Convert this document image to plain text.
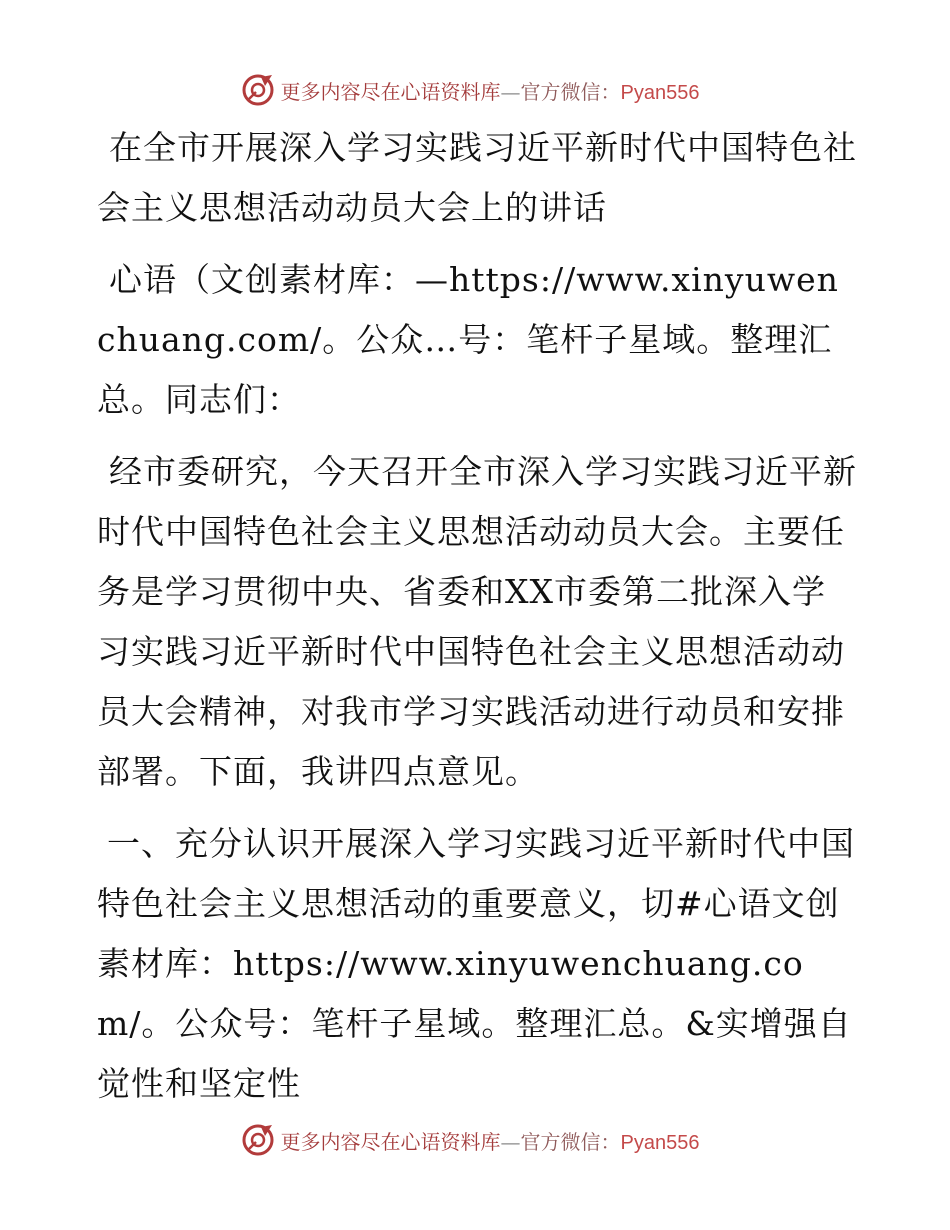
更多内容尽在心语资料库—官方微信：Pyan556

在全市开展深入学习实践习近平新时代中国特色社会主义思想活动动员大会上的讲话

心语（文创素材库：—https://www.xinyuwenchuang.com/。公众…号：笔杆子星域。整理汇总。同志们：

经市委研究，今天召开全市深入学习实践习近平新时代中国特色社会主义思想活动动员大会。主要任务是学习贯彻中央、省委和XX市委第二批深入学习实践习近平新时代中国特色社会主义思想活动动员大会精神，对我市学习实践活动进行动员和安排部署。下面，我讲四点意见。

一、充分认识开展深入学习实践习近平新时代中国特色社会主义思想活动的重要意义，切#心语文创素材库：https://www.xinyuwenchuang.com/。公众号：笔杆子星域。整理汇总。&实增强自觉性和坚定性

更多内容尽在心语资料库—官方微信：Pyan556
